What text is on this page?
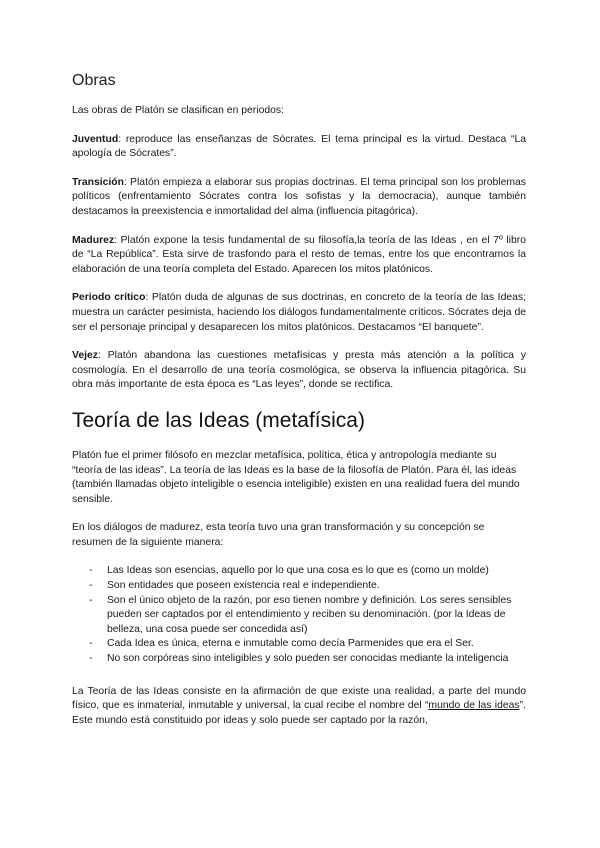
Obras

Las obras de Platón se clasifican en periodos:

Juventud: reproduce las enseñanzas de Sócrates. El tema principal es la virtud. Destaca “La apología de Sócrates”.

Transición: Platón empieza a elaborar sus propias doctrinas. El tema principal son los problemas políticos (enfrentamiento Sócrates contra los sofistas y la democracia), aunque también destacamos la preexistencia e inmortalidad del alma (influencia pitagórica).

Madurez: Platón expone la tesis fundamental de su filosofía,la teoría de las Ideas , en el 7º libro de “La República”. Esta sirve de trasfondo para el resto de temas, entre los que encontramos la elaboración de una teoría completa del Estado. Aparecen los mitos platónicos.

Periodo crítico: Platón duda de algunas de sus doctrinas, en concreto de la teoría de las Ideas; muestra un carácter pesimista, haciendo los diálogos fundamentalmente críticos. Sócrates deja de ser el personaje principal y desaparecen los mitos platónicos. Destacamos “El banquete”.

Vejez: Platón abandona las cuestiones metafísicas y presta más atención a la política y cosmología. En el desarrollo de una teoría cosmológica, se observa la influencia pitagórica. Su obra más importante de esta época es “Las leyes”, donde se rectifica.

Teoría de las Ideas (metafísica)

Platón fue el primer filósofo en mezclar metafísica, política, ética y antropología mediante su “teoría de las ideas”. La teoría de las Ideas es la base de la filosofía de Platón. Para él, las ideas (también llamadas objeto inteligible o esencia inteligible) existen en una realidad fuera del mundo sensible.

En los diálogos de madurez, esta teoría tuvo una gran transformación y su concepción se resumen de la siguiente manera:

- Las Ideas son esencias, aquello por lo que una cosa es lo que es (como un molde)
- Son entidades que poseen existencia real e independiente.
- Son el único objeto de la razón, por eso tienen nombre y definición. Los seres sensibles pueden ser captados por el entendimiento y reciben su denominación. (por la Ideas de belleza, una cosa puede ser concedida así)
- Cada Idea es única, eterna e inmutable como decía Parmenides que era el Ser.
- No son corpóreas sino inteligibles y solo pueden ser conocidas mediante la inteligencia

La Teoría de las Ideas consiste en la afirmación de que existe una realidad, a parte del mundo físico, que es inmaterial, inmutable y universal, la cual recibe el nombre del “mundo de las ideas”. Este mundo está constituido por ideas y solo puede ser captado por la razón,
